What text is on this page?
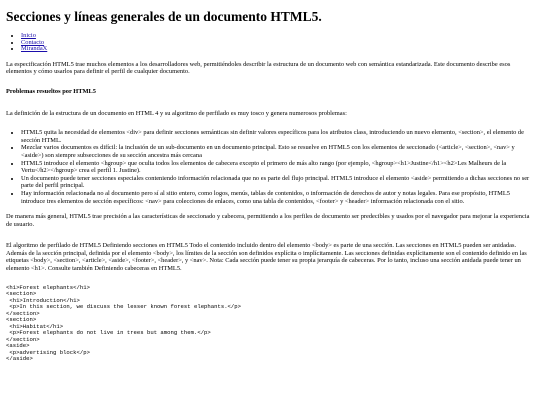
Secciones y líneas generales de un documento HTML5.
• Inicio
• Contacto
• MirandaX

La especificación HTML5 trae muchos elementos a los desarrolladores web, permitiéndoles describir la estructura de un documento web con semántica estandarizada. Este documento describe esos elementos y cómo usarlos para definir el perfil de cualquier documento.

Problemas resueltos por HTML5

La definición de la estructura de un documento en HTML 4 y su algoritmo de perfilado es muy tosco y genera numerosos problemas:

• HTML5 quita la necesidad de elementos <div> para definir secciones semánticas sin definir valores específicos para los atributos class, introduciendo un nuevo elemento, <section>, el elemento de sección HTML.
• Mezclar varios documentos es difícil: la inclusión de un sub-documento en un documento principal. Esto se resuelve en HTML5 con los elementos de seccionado (<article>, <section>, <nav> y <aside>) son siempre subsecciones de su sección ancestra más cercana
• HTML5 introduce el elemento <hgroup> que oculta todos los elementos de cabecera excepto el primero de más alto rango (por ejemplo, <hgroup><h1>Justine</h1><h2>Les Malheurs de la Vertu</h2></hgroup> crea el perfil 1. Justine).
• Un documento puede tener secciones especiales conteniendo información relacionada que no es parte del flujo principal. HTML5 introduce el elemento <aside> permitiendo a dichas secciones no ser parte del perfil principal.
• Hay información relacionada no al documento pero sí al sitio entero, como logos, menús, tablas de contenidos, o información de derechos de autor y notas legales. Para ese propósito, HTML5 introduce tres elementos de sección específicos: <nav> para colecciones de enlaces, como una tabla de contenidos, <footer> y <header> información relacionada con el sitio.

De manera más general, HTML5 trae precisión a las características de seccionado y cabecera, permitiendo a los perfiles de documento ser predecibles y usados por el navegador para mejorar la experiencia de usuario.

El algoritmo de perfilado de HTML5 Definiendo secciones en HTML5 Todo el contenido incluido dentro del elemento <body> es parte de una sección. Las secciones en HTML5 pueden ser anidadas. Además de la sección principal, definida por el elemento <body>, los límites de la sección son definidos explícita o implícitamente. Las secciones definidas explícitamente son el contenido definido en las etiquetas <body>, <section>, <article>, <aside>, <footer>, <header>, y <nav>. Nota: Cada sección puede tener su propia jerarquía de cabeceras. Por lo tanto, incluso una sección anidada puede tener un elemento <h1>. Consulte también Definiendo cabeceras en HTML5.

<h1>Forest elephants</h1>
<section>
<h1>Introduction</h1>
<p>In this section, we discuss the lesser known forest elephants.</p>
</section>
<section>
<h1>Habitat</h1>
<p>Forest elephants do not live in trees but among them.</p>
</section>
<aside>
<p>advertising block</p>
</aside>
